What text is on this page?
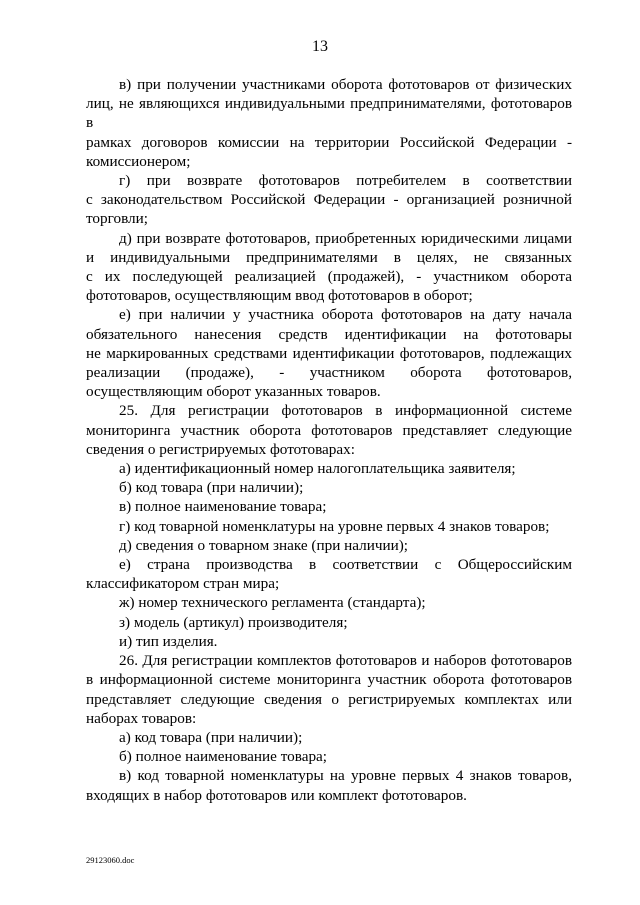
13
в) при получении участниками оборота фототоваров от физических
лиц, не являющихся индивидуальными предпринимателями, фототоваров в
рамках договоров комиссии на территории Российской Федерации -
комиссионером;
г) при возврате фототоваров потребителем в соответствии
с законодательством Российской Федерации - организацией розничной
торговли;
д) при возврате фототоваров, приобретенных юридическими лицами
и индивидуальными предпринимателями в целях, не связанных
с их последующей реализацией (продажей), - участником оборота
фототоваров, осуществляющим ввод фототоваров в оборот;
е) при наличии у участника оборота фототоваров на дату начала
обязательного нанесения средств идентификации на фототовары
не маркированных средствами идентификации фототоваров, подлежащих
реализации (продаже), - участником оборота фототоваров,
осуществляющим оборот указанных товаров.
25. Для регистрации фототоваров в информационной системе
мониторинга участник оборота фототоваров представляет следующие
сведения о регистрируемых фототоварах:
а) идентификационный номер налогоплательщика заявителя;
б) код товара (при наличии);
в) полное наименование товара;
г) код товарной номенклатуры на уровне первых 4 знаков товаров;
д) сведения о товарном знаке (при наличии);
е) страна производства в соответствии с Общероссийским
классификатором стран мира;
ж) номер технического регламента (стандарта);
з) модель (артикул) производителя;
и) тип изделия.
26. Для регистрации комплектов фототоваров и наборов фототоваров
в информационной системе мониторинга участник оборота фототоваров
представляет следующие сведения о регистрируемых комплектах или
наборах товаров:
а) код товара (при наличии);
б) полное наименование товара;
в) код товарной номенклатуры на уровне первых 4 знаков товаров,
входящих в набор фототоваров или комплект фототоваров.
29123060.doc
